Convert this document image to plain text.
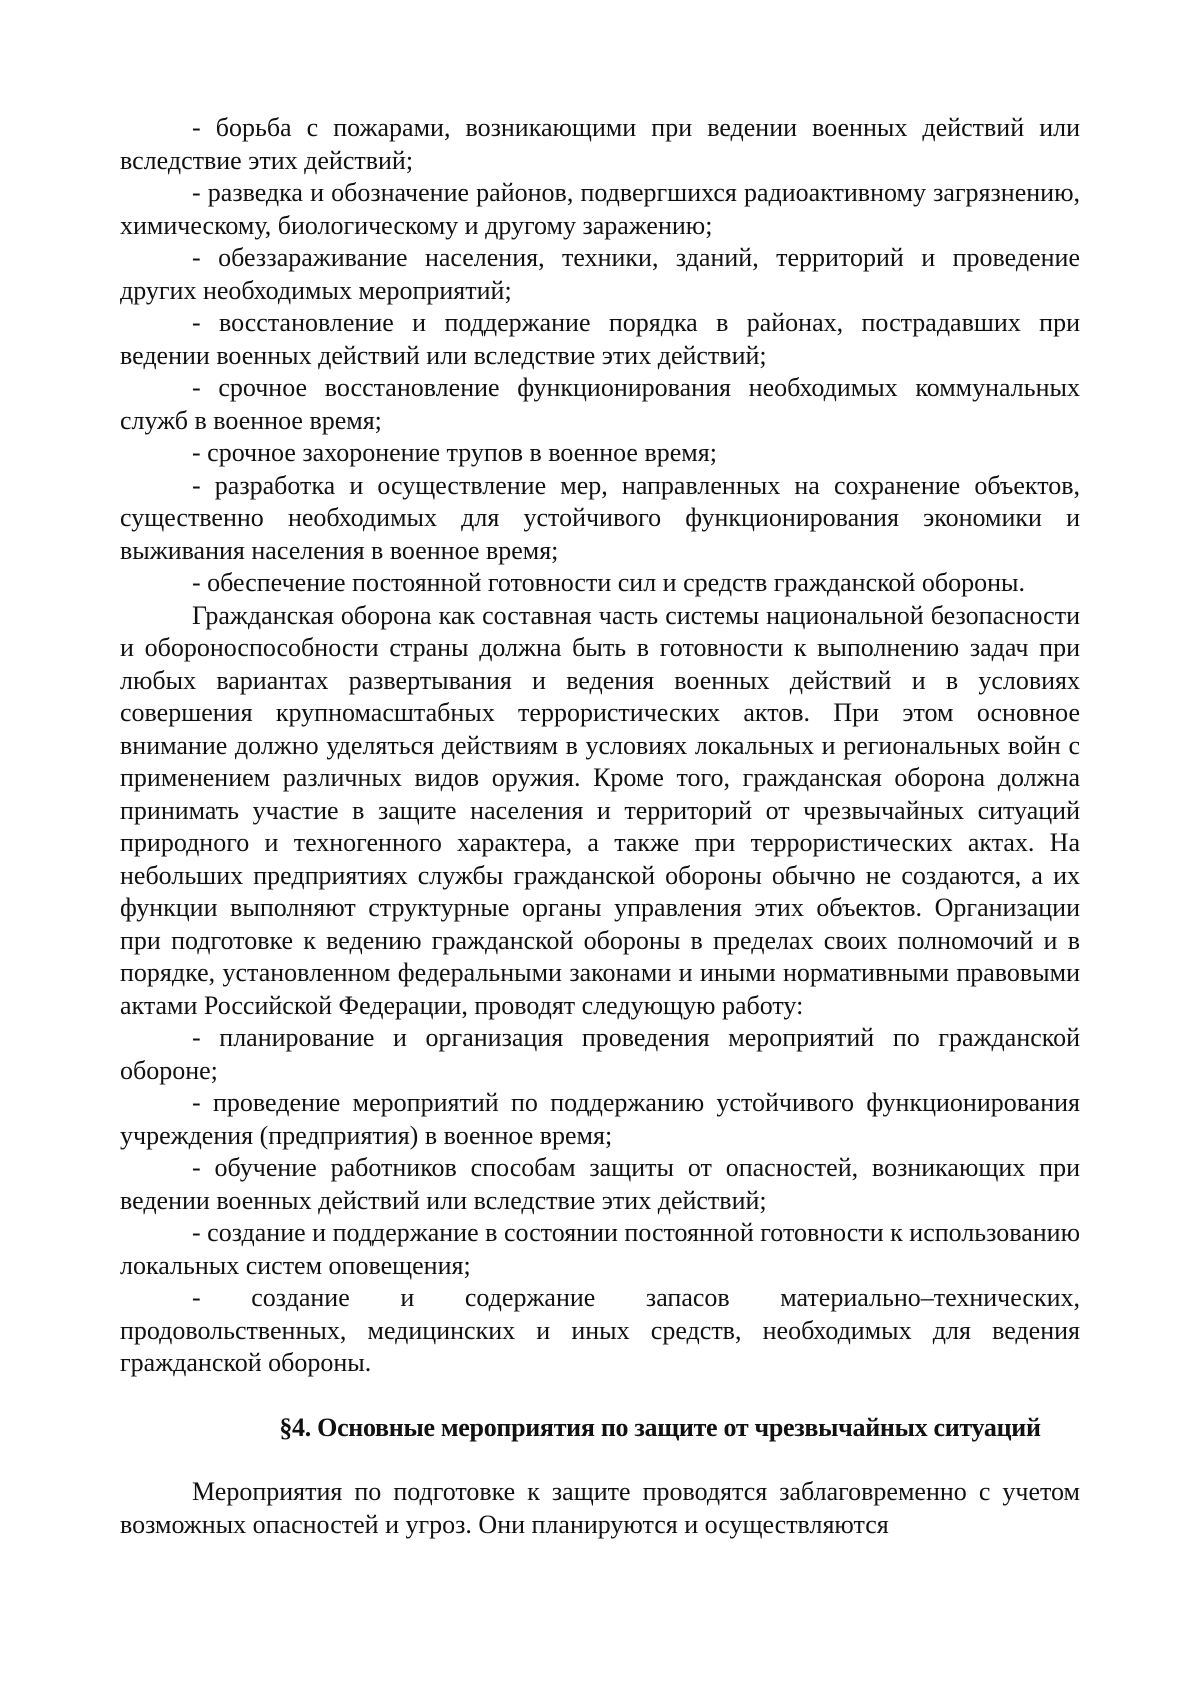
- борьба с пожарами, возникающими при ведении военных действий или вследствие этих действий;

- разведка и обозначение районов, подвергшихся радиоактивному загрязнению, химическому, биологическому и другому заражению;

- обеззараживание населения, техники, зданий, территорий и проведение других необходимых мероприятий;

- восстановление и поддержание порядка в районах, пострадавших при ведении военных действий или вследствие этих действий;

- срочное восстановление функционирования необходимых коммунальных служб в военное время;

- срочное захоронение трупов в военное время;

- разработка и осуществление мер, направленных на сохранение объектов, существенно необходимых для устойчивого функционирования экономики и выживания населения в военное время;

- обеспечение постоянной готовности сил и средств гражданской обороны.

Гражданская оборона как составная часть системы национальной безопасности и обороноспособности страны должна быть в готовности к выполнению задач при любых вариантах развертывания и ведения военных действий и в условиях совершения крупномасштабных террористических актов. При этом основное внимание должно уделяться действиям в условиях локальных и региональных войн с применением различных видов оружия. Кроме того, гражданская оборона должна принимать участие в защите населения и территорий от чрезвычайных ситуаций природного и техногенного характера, а также при террористических актах. На небольших предприятиях службы гражданской обороны обычно не создаются, а их функции выполняют структурные органы управления этих объектов. Организации при подготовке к ведению гражданской обороны в пределах своих полномочий и в порядке, установленном федеральными законами и иными нормативными правовыми актами Российской Федерации, проводят следующую работу:

- планирование и организация проведения мероприятий по гражданской обороне;

- проведение мероприятий по поддержанию устойчивого функционирования учреждения (предприятия) в военное время;

- обучение работников способам защиты от опасностей, возникающих при ведении военных действий или вследствие этих действий;

- создание и поддержание в состоянии постоянной готовности к использованию локальных систем оповещения;

- создание и содержание запасов материально–технических, продовольственных, медицинских и иных средств, необходимых для ведения гражданской обороны.

§4. Основные мероприятия по защите от чрезвычайных ситуаций

Мероприятия по подготовке к защите проводятся заблаговременно с учетом возможных опасностей и угроз. Они планируются и осуществляются
